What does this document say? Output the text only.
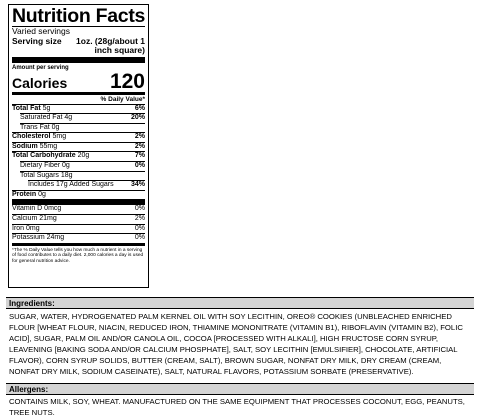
Nutrition Facts
Varied servings
Serving size	1oz. (28g/about 1 inch square)
Amount per serving
Calories 120
% Daily Value*
Total Fat 5g	6%
Saturated Fat 4g	20%
Trans Fat 0g
Cholesterol 5mg	2%
Sodium 55mg	2%
Total Carbohydrate 20g	7%
Dietary Fiber 0g	0%
Total Sugars 18g
Includes 17g Added Sugars 34%
Protein 0g
Vitamin D 0mcg	0%
Calcium 21mg	2%
Iron 0mg	0%
Potassium 24mg	0%
*The % Daily Value tells you how much a nutrient in a serving of food contributes to a daily diet. 2,000 calories a day is used for general nutrition advice.
Ingredients:
SUGAR, WATER, HYDROGENATED PALM KERNEL OIL WITH SOY LECITHIN, OREO® COOKIES (UNBLEACHED ENRICHED FLOUR [WHEAT FLOUR, NIACIN, REDUCED IRON, THIAMINE MONONITRATE (VITAMIN B1), RIBOFLAVIN (VITAMIN B2), FOLIC ACID], SUGAR, PALM OIL AND/OR CANOLA OIL, COCOA [PROCESSED WITH ALKALI], HIGH FRUCTOSE CORN SYRUP, LEAVENING [BAKING SODA AND/OR CALCIUM PHOSPHATE], SALT, SOY LECITHIN [EMULSIFIER], CHOCOLATE, ARTIFICIAL FLAVOR), CORN SYRUP SOLIDS, BUTTER (CREAM, SALT), BROWN SUGAR, NONFAT DRY MILK, DRY CREAM (CREAM, NONFAT DRY MILK, SODIUM CASEINATE), SALT, NATURAL FLAVORS, POTASSIUM SORBATE (PRESERVATIVE).
Allergens:
CONTAINS MILK, SOY, WHEAT. MANUFACTURED ON THE SAME EQUIPMENT THAT PROCESSES COCONUT, EGG, PEANUTS, TREE NUTS.
